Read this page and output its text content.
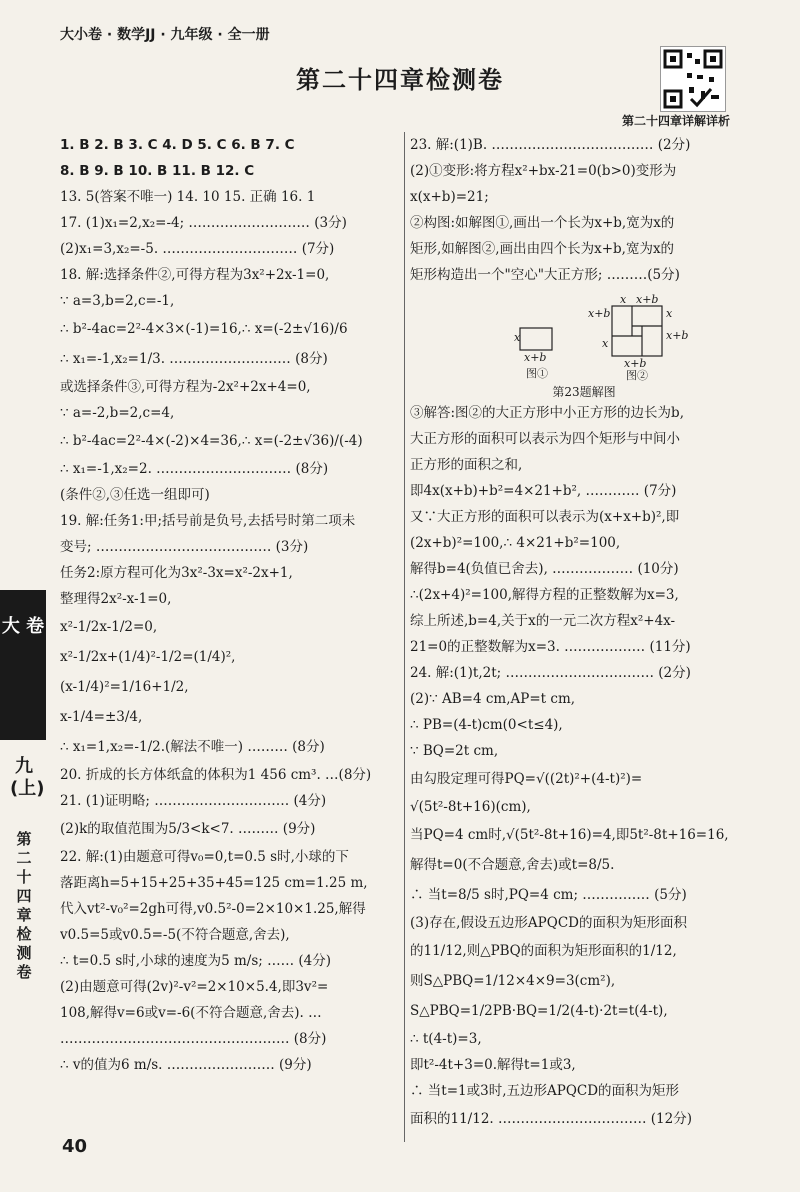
大小卷 · 数学JJ · 九年级 · 全一册
第二十四章检测卷
第二十四章详解详析
1. B 2. B 3. C 4. D 5. C 6. B 7. C
8. B 9. B 10. B 11. B 12. C
13. 5(答案不唯一) 14. 10 15. 正确 16. 1
17. (1)x₁=2,x₂=-4; ……………………… (3分)
(2)x₁=3,x₂=-5. ………………………… (7分)
18. 解:选择条件②,可得方程为3x²+2x-1=0,
∵ a=3,b=2,c=-1,
∴ b²-4ac=2²-4×3×(-1)=16,∴ x=(-2±√16)/6
∴ x₁=-1,x₂=1/3. ……………………… (8分)
或选择条件③,可得方程为-2x²+2x+4=0,
∵ a=-2,b=2,c=4,
∴ b²-4ac=2²-4×(-2)×4=36,∴ x=(-2±√36)/(-4)
∴ x₁=-1,x₂=2. ………………………… (8分)
(条件②,③任选一组即可)
19. 解:任务1:甲;括号前是负号,去括号时第二项未
变号; ………………………………… (3分)
任务2:原方程可化为3x²-3x=x²-2x+1,
整理得2x²-x-1=0,
x²-1/2x-1/2=0,
x²-1/2x+(1/4)²-1/2=(1/4)²,
(x-1/4)²=1/16+1/2,
x-1/4=±3/4,
∴ x₁=1,x₂=-1/2.(解法不唯一) ……… (8分)
20. 折成的长方体纸盒的体积为1 456 cm³. …(8分)
21. (1)证明略; ………………………… (4分)
(2)k的取值范围为5/3<k<7. ……… (9分)
22. 解:(1)由题意可得v₀=0,t=0.5 s时,小球的下
落距离h=5+15+25+35+45=125 cm=1.25 m,
代入vt²-v₀²=2gh可得,v0.5²-0=2×10×1.25,解得
v0.5=5或v0.5=-5(不符合题意,舍去),
∴ t=0.5 s时,小球的速度为5 m/s; …… (4分)
(2)由题意可得(2v)²-v²=2×10×5.4,即3v²=
108,解得v=6或v=-6(不符合题意,舍去). …
…………………………………………… (8分)
∴ v的值为6 m/s. …………………… (9分)
23. 解:(1)B. ……………………………… (2分)
(2)①变形:将方程x²+bx-21=0(b>0)变形为
x(x+b)=21;
②构图:如解图①,画出一个长为x+b,宽为x的
矩形,如解图②,画出由四个长为x+b,宽为x的
矩形构造出一个"空心"大正方形; ………(5分)
x
x+b
x x+b
x+b	x
x
x+b
x+b
图①	图②
第23题解图
③解答:图②的大正方形中小正方形的边长为b,
大正方形的面积可以表示为四个矩形与中间小
正方形的面积之和,
即4x(x+b)+b²=4×21+b², ………… (7分)
又∵大正方形的面积可以表示为(x+x+b)²,即
(2x+b)²=100,∴ 4×21+b²=100,
解得b=4(负值已舍去), ……………… (10分)
∴(2x+4)²=100,解得方程的正整数解为x=3,
综上所述,b=4,关于x的一元二次方程x²+4x-
21=0的正整数解为x=3. ……………… (11分)
24. 解:(1)t,2t; …………………………… (2分)
(2)∵ AB=4 cm,AP=t cm,
∴ PB=(4-t)cm(0<t≤4),
∵ BQ=2t cm,
由勾股定理可得PQ=√((2t)²+(4-t)²)=
√(5t²-8t+16)(cm),
当PQ=4 cm时,√(5t²-8t+16)=4,即5t²-8t+16=16,
解得t=0(不合题意,舍去)或t=8/5.
∴ 当t=8/5 s时,PQ=4 cm; …………… (5分)
(3)存在,假设五边形APQCD的面积为矩形面积
的11/12,则△PBQ的面积为矩形面积的1/12,
则S△PBQ=1/12×4×9=3(cm²),
S△PBQ=1/2PB·BQ=1/2(4-t)·2t=t(4-t),
∴ t(4-t)=3,
即t²-4t+3=0.解得t=1或3,
∴ 当t=1或3时,五边形APQCD的面积为矩形
面积的11/12. …………………………… (12分)
大 卷
九(上)
第二十四章检测卷
40
